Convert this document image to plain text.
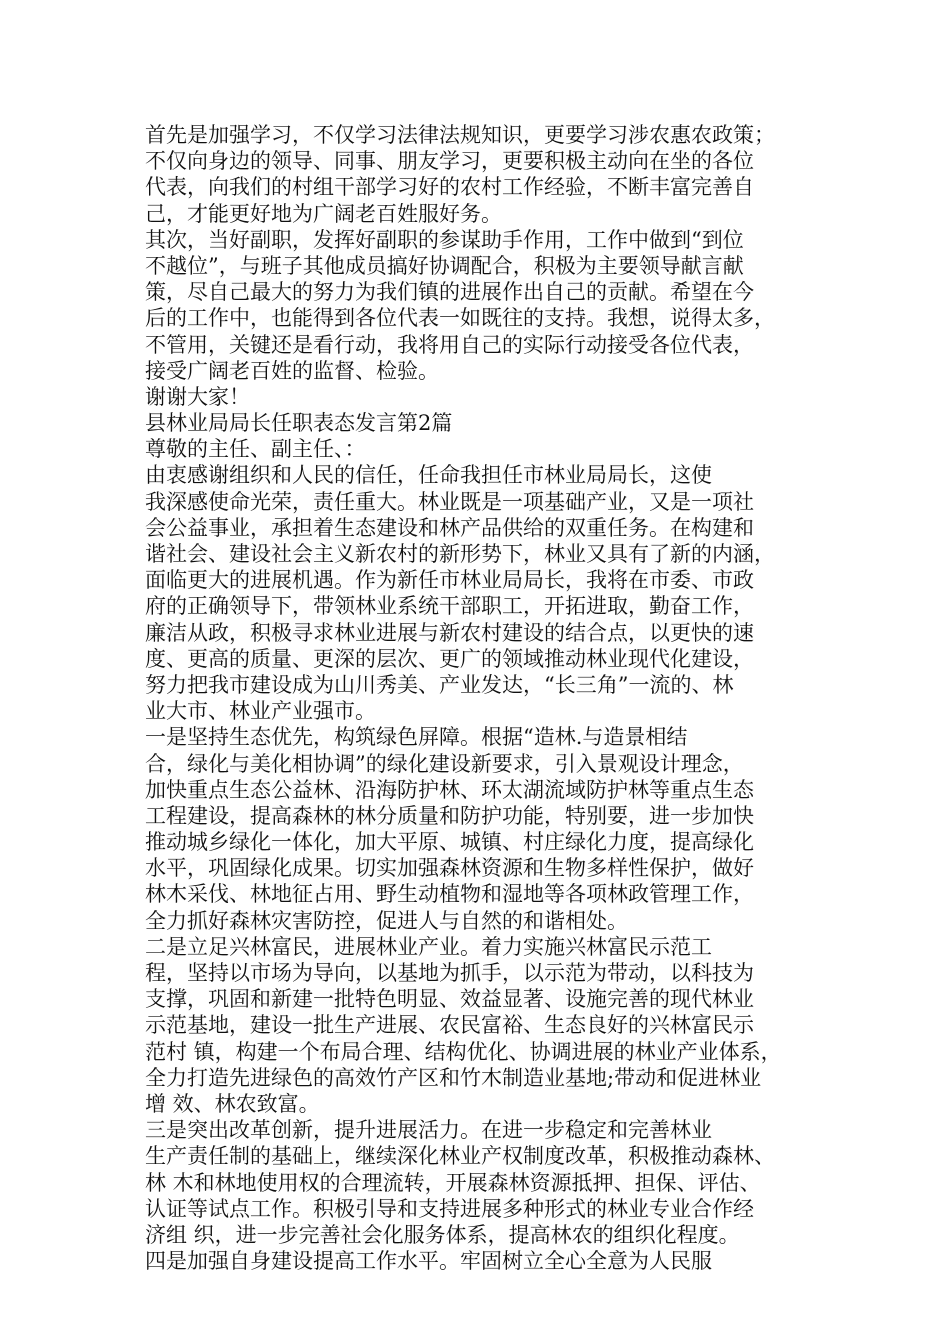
首先是加强学习，不仅学习法律法规知识，更要学习涉农惠农政策；
不仅向身边的领导、同事、朋友学习，更要积极主动向在坐的各位
代表，向我们的村组干部学习好的农村工作经验，不断丰富完善自
己，才能更好地为广阔老百姓服好务。
其次，当好副职，发挥好副职的参谋助手作用，工作中做到“到位
不越位”，与班子其他成员搞好协调配合，积极为主要领导献言献
策，尽自己最大的努力为我们镇的进展作出自己的贡献。希望在今
后的工作中，也能得到各位代表一如既往的支持。我想，说得太多，
不管用，关键还是看行动，我将用自己的实际行动接受各位代表，
接受广阔老百姓的监督、检验。
谢谢大家！
县林业局局长任职表态发言第2篇
尊敬的主任、副主任、：
由衷感谢组织和人民的信任，任命我担任市林业局局长，这使
我深感使命光荣，责任重大。林业既是一项基础产业，又是一项社
会公益事业，承担着生态建设和林产品供给的双重任务。在构建和
谐社会、建设社会主义新农村的新形势下，林业又具有了新的内涵，
面临更大的进展机遇。作为新任市林业局局长，我将在市委、市政
府的正确领导下，带领林业系统干部职工，开拓进取，勤奋工作，
廉洁从政，积极寻求林业进展与新农村建设的结合点，以更快的速
度、更高的质量、更深的层次、更广的领域推动林业现代化建设，
努力把我市建设成为山川秀美、产业发达，“长三角”一流的、林
业大市、林业产业强市。
一是坚持生态优先，构筑绿色屏障。根据“造林.与造景相结
合，绿化与美化相协调”的绿化建设新要求，引入景观设计理念，
加快重点生态公益林、沿海防护林、环太湖流域防护林等重点生态
工程建设，提高森林的林分质量和防护功能，特别要，进一步加快
推动城乡绿化一体化，加大平原、城镇、村庄绿化力度，提高绿化
水平，巩固绿化成果。切实加强森林资源和生物多样性保护，做好
林木采伐、林地征占用、野生动植物和湿地等各项林政管理工作，
全力抓好森林灾害防控，促进人与自然的和谐相处。
二是立足兴林富民，进展林业产业。着力实施兴林富民示范工
程，坚持以市场为导向，以基地为抓手，以示范为带动，以科技为
支撑，巩固和新建一批特色明显、效益显著、设施完善的现代林业
示范基地，建设一批生产进展、农民富裕、生态良好的兴林富民示
范村 镇，构建一个布局合理、结构优化、协调进展的林业产业体系，
全力打造先进绿色的高效竹产区和竹木制造业基地;带动和促进林业
增 效、林农致富。
三是突出改革创新，提升进展活力。在进一步稳定和完善林业
生产责任制的基础上，继续深化林业产权制度改革，积极推动森林、
林 木和林地使用权的合理流转，开展森林资源抵押、担保、评估、
认证等试点工作。积极引导和支持进展多种形式的林业专业合作经
济组 织，进一步完善社会化服务体系，提高林农的组织化程度。
四是加强自身建设提高工作水平。牢固树立全心全意为人民服
